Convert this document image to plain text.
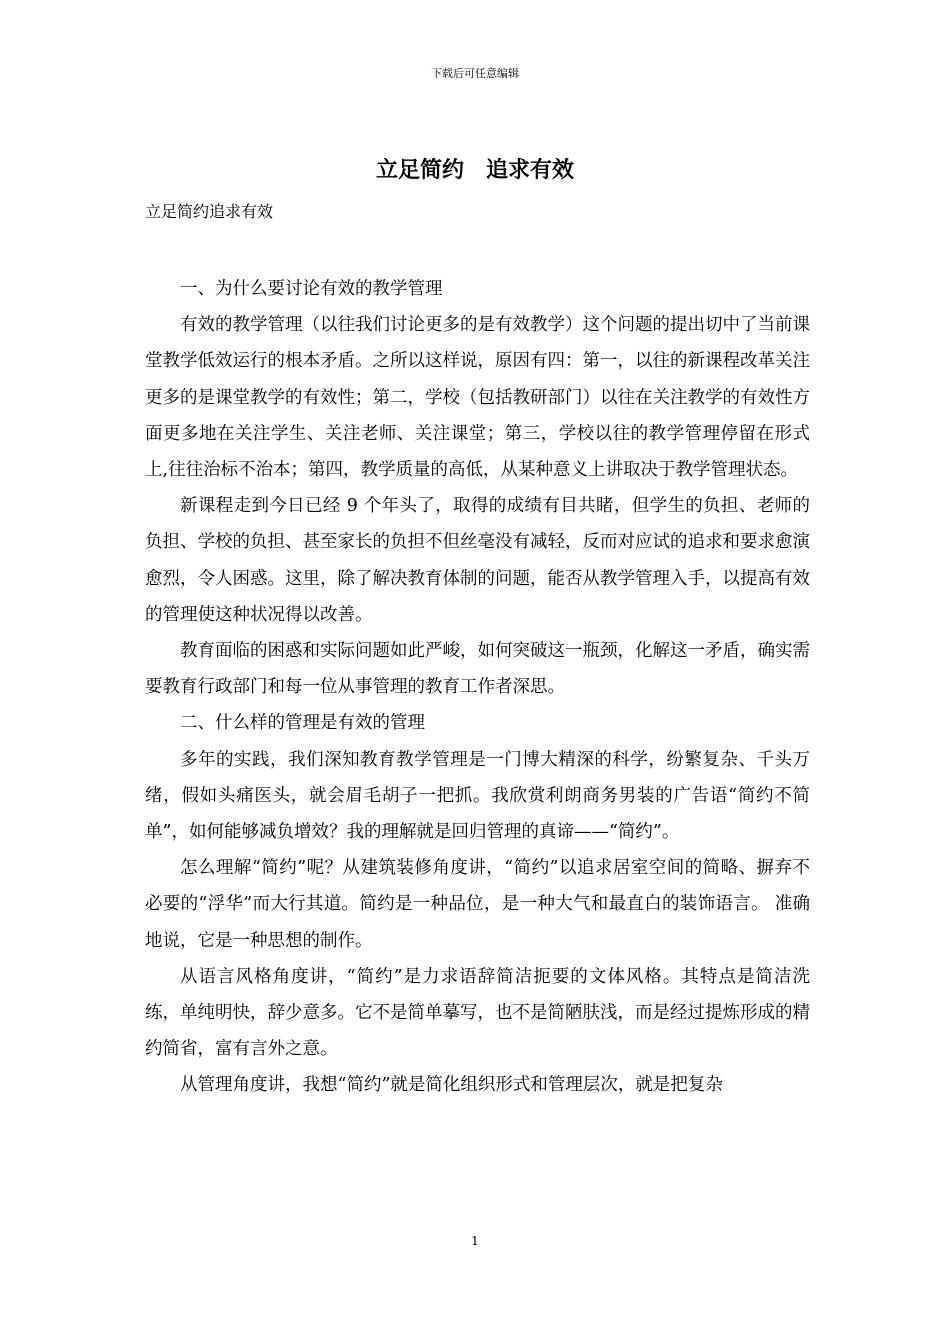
下载后可任意编辑
立足简约　追求有效
立足简约追求有效

一、为什么要讨论有效的教学管理

有效的教学管理（以往我们讨论更多的是有效教学）这个问题的提出切中了当前课堂教学低效运行的根本矛盾。之所以这样说，原因有四：第一，以往的新课程改革关注更多的是课堂教学的有效性；第二，学校（包括教研部门）以往在关注教学的有效性方面更多地在关注学生、关注老师、关注课堂；第三，学校以往的教学管理停留在形式上,往往治标不治本；第四，教学质量的高低，从某种意义上讲取决于教学管理状态。

新课程走到今日已经 9 个年头了，取得的成绩有目共睹，但学生的负担、老师的负担、学校的负担、甚至家长的负担不但丝毫没有减轻，反而对应试的追求和要求愈演愈烈，令人困惑。这里，除了解决教育体制的问题，能否从教学管理入手，以提高有效的管理使这种状况得以改善。

教育面临的困惑和实际问题如此严峻，如何突破这一瓶颈，化解这一矛盾，确实需要教育行政部门和每一位从事管理的教育工作者深思。

二、什么样的管理是有效的管理

多年的实践，我们深知教育教学管理是一门博大精深的科学，纷繁复杂、千头万绪，假如头痛医头，就会眉毛胡子一把抓。我欣赏利朗商务男装的广告语“简约不简单”，如何能够减负增效？我的理解就是回归管理的真谛——“简约”。

怎么理解“简约”呢？从建筑装修角度讲，“简约”以追求居室空间的简略、摒弃不必要的“浮华”而大行其道。简约是一种品位，是一种大气和最直白的装饰语言。 准确地说，它是一种思想的制作。

从语言风格角度讲，“简约”是力求语辞简洁扼要的文体风格。其特点是简洁洗练，单纯明快，辞少意多。它不是简单摹写，也不是简陋肤浅，而是经过提炼形成的精约简省，富有言外之意。

从管理角度讲，我想“简约”就是简化组织形式和管理层次，就是把复杂

1
